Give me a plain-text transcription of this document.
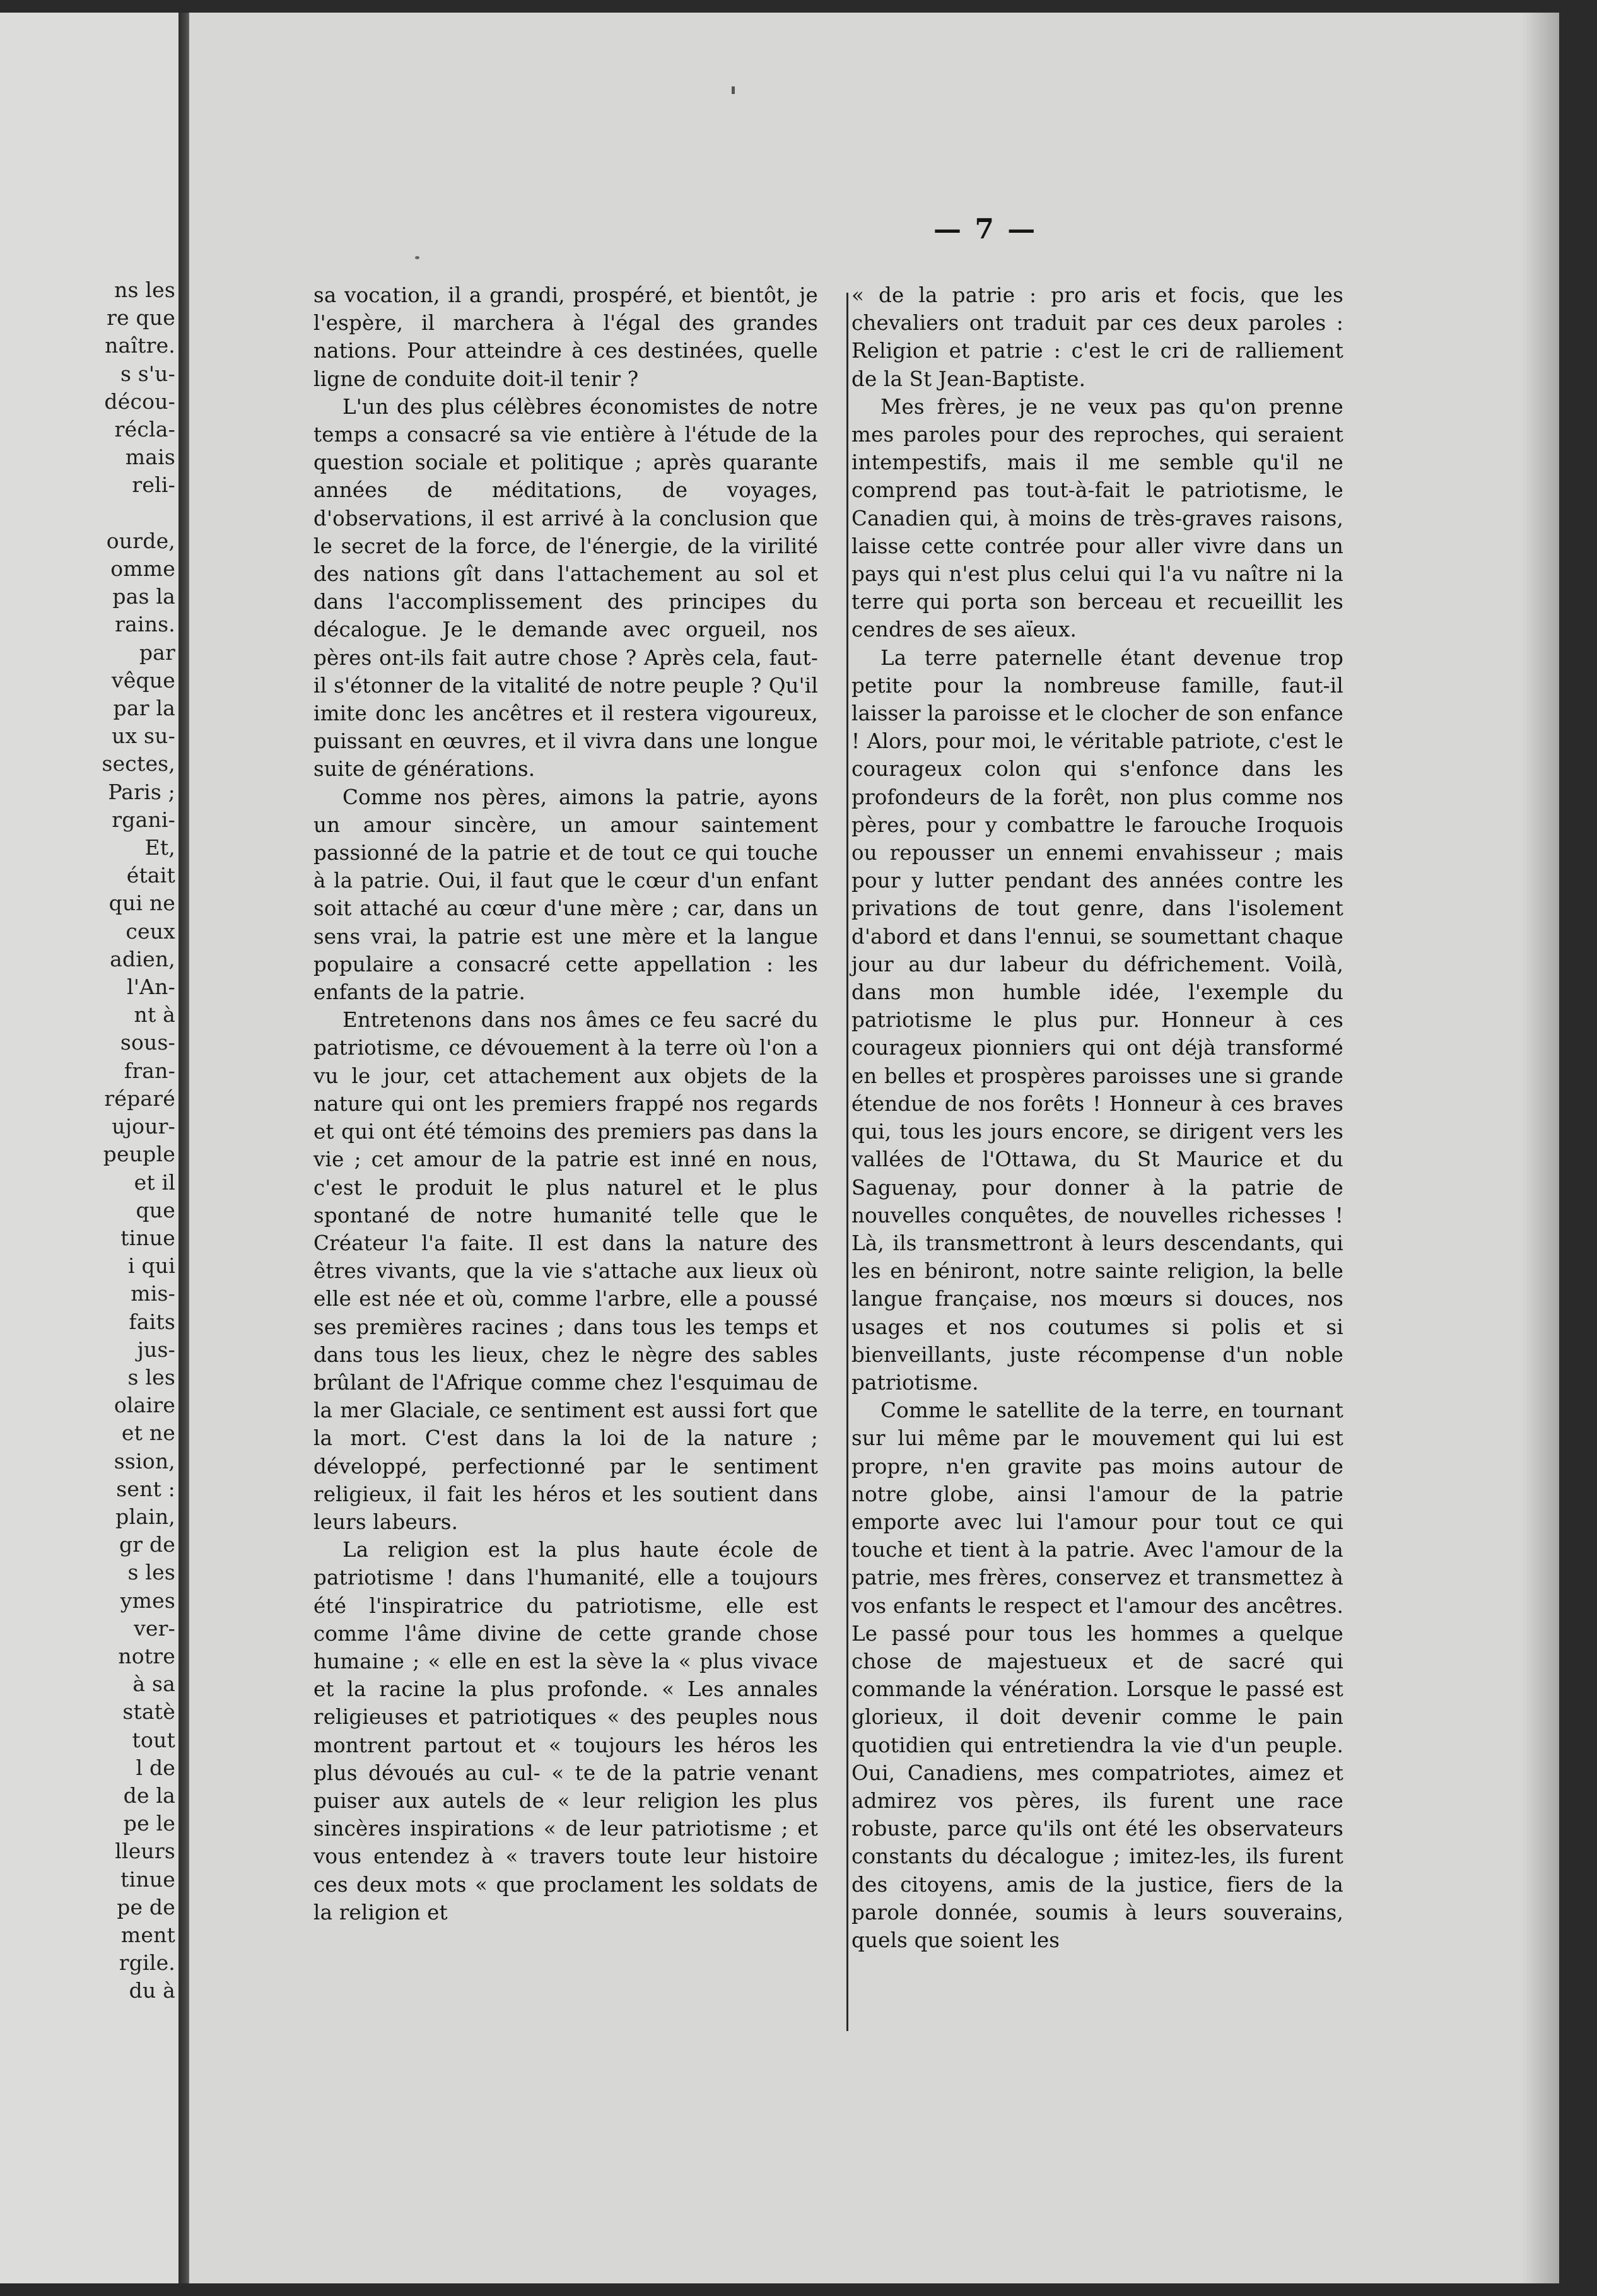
ns les
re que
naître.
s s'u-
décou-
récla-
mais
reli-

ourde,
omme
pas la
rains.
par
vêque
par la
ux su-
sectes,
Paris ;
rgani-
Et,
était
qui ne
ceux
adien,
l'An-
nt à
sous-
fran-
réparé
ujour-
peuple
et il
que
tinue
i qui
mis-
faits
jus-
s les
olaire
et ne
ssion,
sent :
plain,
gr de
s les
ymes
ver-
notre
à sa
statè
tout
l de
de la
pe le
lleurs
tinue
pe de
ment
rgile.
du à
— 7 —

sa vocation, il a grandi, prospéré, et bientôt, je l'espère, il marchera à l'égal des grandes nations. Pour atteindre à ces destinées, quelle ligne de conduite doit-il tenir ?

L'un des plus célèbres économistes de notre temps a consacré sa vie entière à l'étude de la question sociale et politique ; après quarante années de méditations, de voyages, d'observations, il est arrivé à la conclusion que le secret de la force, de l'énergie, de la virilité des nations gît dans l'attachement au sol et dans l'accomplissement des principes du décalogue. Je le demande avec orgueil, nos pères ont-ils fait autre chose ? Après cela, faut-il s'étonner de la vitalité de notre peuple ? Qu'il imite donc les ancêtres et il restera vigoureux, puissant en œuvres, et il vivra dans une longue suite de générations.

Comme nos pères, aimons la patrie, ayons un amour sincère, un amour saintement passionné de la patrie et de tout ce qui touche à la patrie. Oui, il faut que le cœur d'un enfant soit attaché au cœur d'une mère ; car, dans un sens vrai, la patrie est une mère et la langue populaire a consacré cette appellation : les enfants de la patrie.

Entretenons dans nos âmes ce feu sacré du patriotisme, ce dévouement à la terre où l'on a vu le jour, cet attachement aux objets de la nature qui ont les premiers frappé nos regards et qui ont été témoins des premiers pas dans la vie ; cet amour de la patrie est inné en nous, c'est le produit le plus naturel et le plus spontané de notre humanité telle que le Créateur l'a faite. Il est dans la nature des êtres vivants, que la vie s'attache aux lieux où elle est née et où, comme l'arbre, elle a poussé ses premières racines ; dans tous les temps et dans tous les lieux, chez le nègre des sables brûlant de l'Afrique comme chez l'esquimau de la mer Glaciale, ce sentiment est aussi fort que la mort. C'est dans la loi de la nature ; développé, perfectionné par le sentiment religieux, il fait les héros et les soutient dans leurs labeurs.

La religion est la plus haute école de patriotisme ! dans l'humanité, elle a toujours été l'inspiratrice du patriotisme, elle est comme l'âme divine de cette grande chose humaine ; « elle en est la sève la « plus vivace et la racine la plus profonde. « Les annales religieuses et patriotiques « des peuples nous montrent partout et « toujours les héros les plus dévoués au cul- « te de la patrie venant puiser aux autels de « leur religion les plus sincères inspirations « de leur patriotisme ; et vous entendez à « travers toute leur histoire ces deux mots « que proclament les soldats de la religion et

« de la patrie : pro aris et focis, que les chevaliers ont traduit par ces deux paroles : Religion et patrie : c'est le cri de ralliement de la St Jean-Baptiste.

Mes frères, je ne veux pas qu'on prenne mes paroles pour des reproches, qui seraient intempestifs, mais il me semble qu'il ne comprend pas tout-à-fait le patriotisme, le Canadien qui, à moins de très-graves raisons, laisse cette contrée pour aller vivre dans un pays qui n'est plus celui qui l'a vu naître ni la terre qui porta son berceau et recueillit les cendres de ses aïeux.

La terre paternelle étant devenue trop petite pour la nombreuse famille, faut-il laisser la paroisse et le clocher de son enfance ! Alors, pour moi, le véritable patriote, c'est le courageux colon qui s'enfonce dans les profondeurs de la forêt, non plus comme nos pères, pour y combattre le farouche Iroquois ou repousser un ennemi envahisseur ; mais pour y lutter pendant des années contre les privations de tout genre, dans l'isolement d'abord et dans l'ennui, se soumettant chaque jour au dur labeur du défrichement. Voilà, dans mon humble idée, l'exemple du patriotisme le plus pur. Honneur à ces courageux pionniers qui ont déjà transformé en belles et prospères paroisses une si grande étendue de nos forêts ! Honneur à ces braves qui, tous les jours encore, se dirigent vers les vallées de l'Ottawa, du St Maurice et du Saguenay, pour donner à la patrie de nouvelles conquêtes, de nouvelles richesses ! Là, ils transmettront à leurs descendants, qui les en béniront, notre sainte religion, la belle langue française, nos mœurs si douces, nos usages et nos coutumes si polis et si bienveillants, juste récompense d'un noble patriotisme.

Comme le satellite de la terre, en tournant sur lui même par le mouvement qui lui est propre, n'en gravite pas moins autour de notre globe, ainsi l'amour de la patrie emporte avec lui l'amour pour tout ce qui touche et tient à la patrie. Avec l'amour de la patrie, mes frères, conservez et transmettez à vos enfants le respect et l'amour des ancêtres. Le passé pour tous les hommes a quelque chose de majestueux et de sacré qui commande la vénération. Lorsque le passé est glorieux, il doit devenir comme le pain quotidien qui entretiendra la vie d'un peuple. Oui, Canadiens, mes compatriotes, aimez et admirez vos pères, ils furent une race robuste, parce qu'ils ont été les observateurs constants du décalogue ; imitez-les, ils furent des citoyens, amis de la justice, fiers de la parole donnée, soumis à leurs souverains, quels que soient les
